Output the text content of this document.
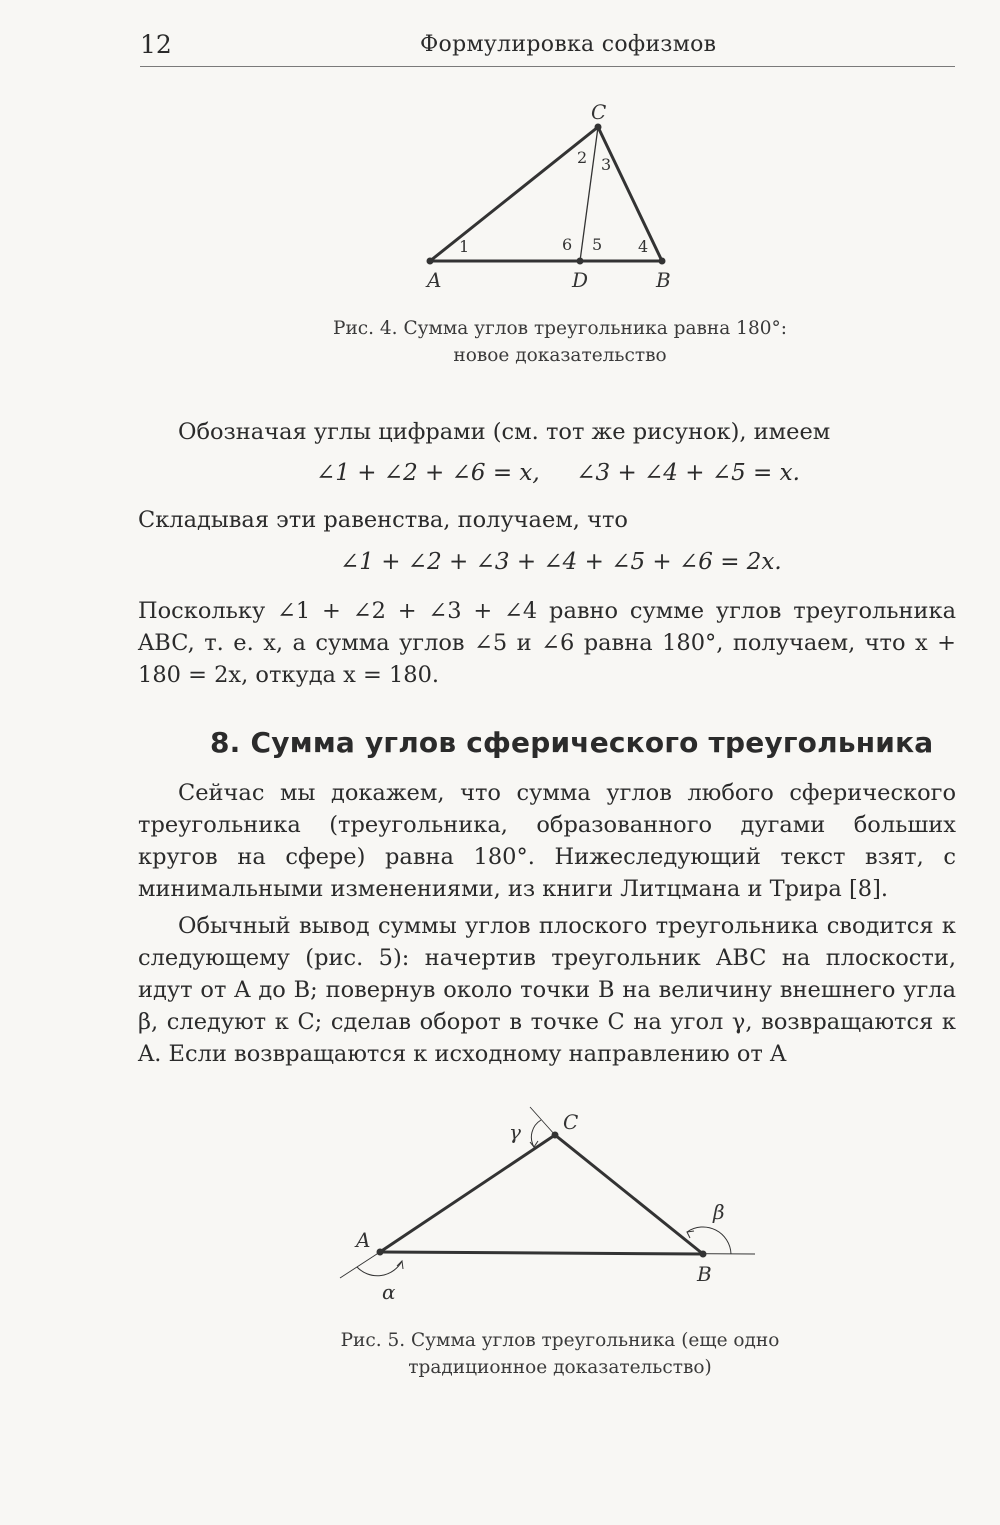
12	Формулировка софизмов
C
A	D	B
1
2 3
4
5
6
Рис. 4. Сумма углов треугольника равна 180°:
новое доказательство
Обозначая углы цифрами (см. тот же рисунок), имеем
∠1 + ∠2 + ∠6 = x,     ∠3 + ∠4 + ∠5 = x.
Складывая эти равенства, получаем, что
∠1 + ∠2 + ∠3 + ∠4 + ∠5 + ∠6 = 2x.
Поскольку ∠1 + ∠2 + ∠3 + ∠4 равно сумме углов треугольника ABC, т. е. x, а сумма углов ∠5 и ∠6 равна 180°, получаем, что x + 180 = 2x, откуда x = 180.
8. Сумма углов сферического треугольника
Сейчас мы докажем, что сумма углов любого сферического треугольника (треугольника, образованного дугами больших кругов на сфере) равна 180°. Нижеследующий текст взят, с минимальными изменениями, из книги Литцмана и Трира [8].
Обычный вывод суммы углов плоского треугольника сводится к следующему (рис. 5): начертив треугольник ABC на плоскости, идут от A до B; повернув около точки B на величину внешнего угла β, следуют к C; сделав оборот в точке C на угол γ, возвращаются к A. Если возвращаются к исходному направлению от A
A
B
C
α
β
γ
Рис. 5. Сумма углов треугольника (еще одно
традиционное доказательство)
